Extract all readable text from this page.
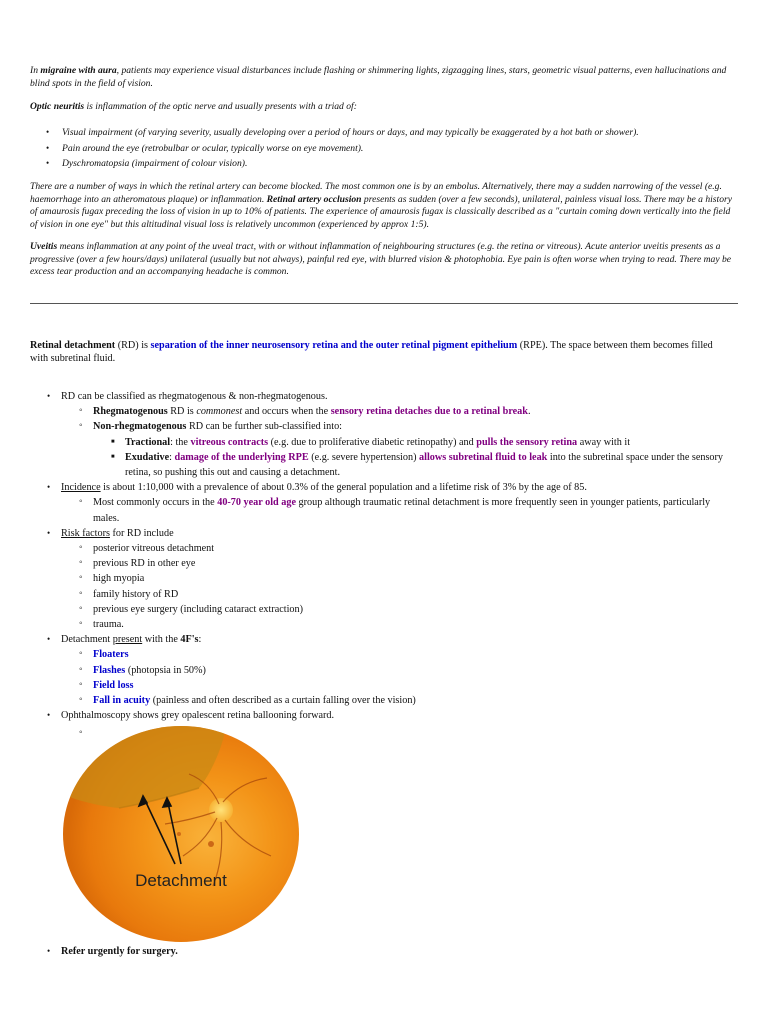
In migraine with aura, patients may experience visual disturbances include flashing or shimmering lights, zigzagging lines, stars, geometric visual patterns, even hallucinations and blind spots in the field of vision.

Optic neuritis is inflammation of the optic nerve and usually presents with a triad of:

• Visual impairment (of varying severity, usually developing over a period of hours or days, and may typically be exaggerated by a hot bath or shower).
• Pain around the eye (retrobulbar or ocular, typically worse on eye movement).
• Dyschromatopsia (impairment of colour vision).

There are a number of ways in which the retinal artery can become blocked. The most common one is by an embolus. Alternatively, there may a sudden narrowing of the vessel (e.g. haemorrhage into an atheromatous plaque) or inflammation. Retinal artery occlusion presents as sudden (over a few seconds), unilateral, painless visual loss. There may be a history of amaurosis fugax preceding the loss of vision in up to 10% of patients. The experience of amaurosis fugax is classically described as a "curtain coming down vertically into the field of vision in one eye" but this altitudinal visual loss is relatively uncommon (experienced by approx 1:5).

Uveitis means inflammation at any point of the uveal tract, with or without inflammation of neighbouring structures (e.g. the retina or vitreous). Acute anterior uveitis presents as a progressive (over a few hours/days) unilateral (usually but not always), painful red eye, with blurred vision & photophobia. Eye pain is often worse when trying to read. There may be excess tear production and an accompanying headache is common.

Retinal detachment (RD) is separation of the inner neurosensory retina and the outer retinal pigment epithelium (RPE). The space between them becomes filled with subretinal fluid.

• RD can be classified as rhegmatogenous & non-rhegmatogenous.
◦ Rhegmatogenous RD is commonest and occurs when the sensory retina detaches due to a retinal break.
◦ Non-rhegmatogenous RD can be further sub-classified into:
■ Tractional: the vitreous contracts (e.g. due to proliferative diabetic retinopathy) and pulls the sensory retina away with it
■ Exudative: damage of the underlying RPE (e.g. severe hypertension) allows subretinal fluid to leak into the subretinal space under the sensory retina, so pushing this out and causing a detachment.
• Incidence is about 1:10,000 with a prevalence of about 0.3% of the general population and a lifetime risk of 3% by the age of 85.
◦ Most commonly occurs in the 40-70 year old age group although traumatic retinal detachment is more frequently seen in younger patients, particularly males.
• Risk factors for RD include
◦ posterior vitreous detachment
◦ previous RD in other eye
◦ high myopia
◦ family history of RD
◦ previous eye surgery (including cataract extraction)
◦ trauma.
• Detachment present with the 4F's:
◦ Floaters
◦ Flashes (photopsia in 50%)
◦ Field loss
◦ Fall in acuity (painless and often described as a curtain falling over the vision)
• Ophthalmoscopy shows grey opalescent retina ballooning forward.
◦ Detachment
• Refer urgently for surgery.
